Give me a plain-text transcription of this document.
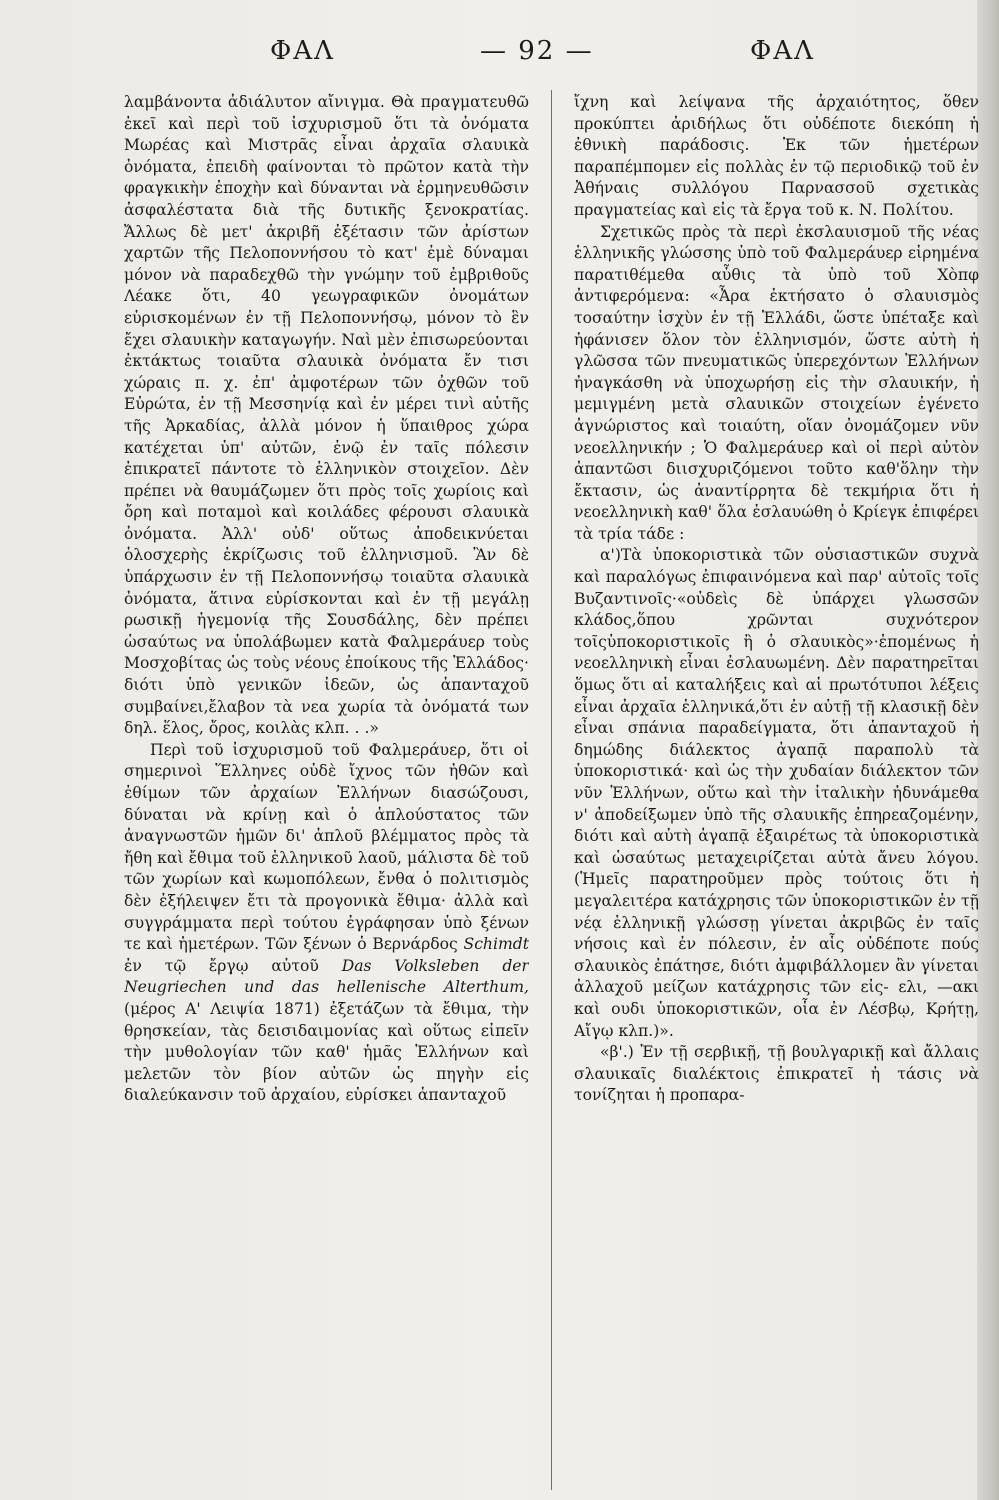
ΦΑΛ	— 92 —	ΦΑΛ

λαμβάνοντα ἀδιάλυτον αἴνιγμα. Θὰ πραγματευθῶ ἐκεῖ καὶ περὶ τοῦ ἰσχυρισμοῦ ὅτι τὰ ὀνόματα Μωρέας καὶ Μιστρᾶς εἶναι ἀρχαῖα σλαυικὰ ὀνόματα, ἐπειδὴ φαίνονται τὸ πρῶτον κατὰ τὴν φραγκικὴν ἐποχὴν καὶ δύνανται νὰ ἑρμηνευθῶσιν ἀσφαλέστατα διὰ τῆς δυτικῆς ξενοκρατίας. Ἄλλως δὲ μετ' ἀκριβῆ ἐξέτασιν τῶν ἀρίστων χαρτῶν τῆς Πελοποννήσου τὸ κατ' ἐμὲ δύναμαι μόνον νὰ παραδεχθῶ τὴν γνώμην τοῦ ἐμβριθοῦς Λέακε ὅτι, 40 γεωγραφικῶν ὀνομάτων εὑρισκομένων ἐν τῇ Πελοποννήσῳ, μόνον τὸ ἓν ἔχει σλαυικὴν καταγωγήν. Ναὶ μὲν ἐπισωρεύονται ἐκτάκτως τοιαῦτα σλαυικὰ ὀνόματα ἔν τισι χώραις π. χ. ἐπ' ἀμφοτέρων τῶν ὀχθῶν τοῦ Εὐρώτα, ἐν τῇ Μεσσηνίᾳ καὶ ἐν μέρει τινὶ αὐτῆς τῆς Ἀρκαδίας, ἀλλὰ μόνον ἡ ὕπαιθρος χώρα κατέχεται ὑπ' αὐτῶν, ἐνῷ ἐν ταῖς πόλεσιν ἐπικρατεῖ πάντοτε τὸ ἑλληνικὸν στοιχεῖον. Δὲν πρέπει νὰ θαυμάζωμεν ὅτι πρὸς τοῖς χωρίοις καὶ ὄρη καὶ ποταμοὶ καὶ κοιλάδες φέρουσι σλαυικὰ ὀνόματα. Ἀλλ' οὐδ' οὕτως ἀποδεικνύεται ὁλοσχερὴς ἐκρίζωσις τοῦ ἑλληνισμοῦ. Ἂν δὲ ὑπάρχωσιν ἐν τῇ Πελοποννήσῳ τοιαῦτα σλαυικὰ ὀνόματα, ἅτινα εὑρίσκονται καὶ ἐν τῇ μεγάλῃ ρωσικῇ ἡγεμονίᾳ τῆς Σουσδάλης, δὲν πρέπει ὡσαύτως να ὑπολάβωμεν κατὰ Φαλμεράυερ τοὺς Μοσχοβίτας ὡς τοὺς νέους ἐποίκους τῆς Ἑλλάδος· διότι ὑπὸ γενικῶν ἰδεῶν, ὡς ἁπανταχοῦ συμβαίνει,ἔλαβον τὰ νεα χωρία τὰ ὀνόματά των δηλ. ἕλος, ὄρος, κοιλὰς κλπ. . .»

Περὶ τοῦ ἰσχυρισμοῦ τοῦ Φαλμεράυερ, ὅτι οἱ σημερινοὶ Ἕλληνες οὐδὲ ἴχνος τῶν ἠθῶν καὶ ἐθίμων τῶν ἀρχαίων Ἑλλήνων διασώζουσι, δύναται νὰ κρίνῃ καὶ ὁ ἁπλούστατος τῶν ἀναγνωστῶν ἡμῶν δι' ἁπλοῦ βλέμματος πρὸς τὰ ἤθη καὶ ἔθιμα τοῦ ἑλληνικοῦ λαοῦ, μάλιστα δὲ τοῦ τῶν χωρίων καὶ κωμοπόλεων, ἔνθα ὁ πολιτισμὸς δὲν ἐξήλειψεν ἔτι τὰ προγονικὰ ἔθιμα· ἀλλὰ καὶ συγγράμματα περὶ τούτου ἐγράφησαν ὑπὸ ξένων τε καὶ ἡμετέρων. Τῶν ξένων ὁ Βερνάρδος Schimdt ἐν τῷ ἔργῳ αὐτοῦ Das Volksleben der Neugriechen und das hellenische Alterthum, (μέρος Α' Λειψία 1871) ἐξετάζων τὰ ἔθιμα, τὴν θρησκείαν, τὰς δεισιδαιμονίας καὶ οὕτως εἰπεῖν τὴν μυθολογίαν τῶν καθ' ἡμᾶς Ἑλλήνων καὶ μελετῶν τὸν βίον αὐτῶν ὡς πηγὴν εἰς διαλεύκανσιν τοῦ ἀρχαίου, εὑρίσκει ἁπανταχοῦ

ἴχνη καὶ λείψανα τῆς ἀρχαιότητος, ὅθεν προκύπτει ἀριδήλως ὅτι οὐδέποτε διεκόπη ἡ ἐθνικὴ παράδοσις. Ἐκ τῶν ἡμετέρων παραπέμπομεν εἰς πολλὰς ἐν τῷ περιοδικῷ τοῦ ἐν Ἀθήναις συλλόγου Παρνασσοῦ σχετικὰς πραγματείας καὶ εἰς τὰ ἔργα τοῦ κ. Ν. Πολίτου.

Σχετικῶς πρὸς τὰ περὶ ἐκσλαυισμοῦ τῆς νέας ἑλληνικῆς γλώσσης ὑπὸ τοῦ Φαλμεράυερ εἰρημένα παρατιθέμεθα αὖθις τὰ ὑπὸ τοῦ Χὸπφ ἀντιφερόμενα: «Ἆρα ἐκτήσατο ὁ σλαυισμὸς τοσαύτην ἰσχὺν ἐν τῇ Ἑλλάδι, ὥστε ὑπέταξε καὶ ἠφάνισεν ὅλον τὸν ἑλληνισμόν, ὥστε αὐτὴ ἡ γλῶσσα τῶν πνευματικῶς ὑπερεχόντων Ἑλλήνων ἠναγκάσθη νὰ ὑποχωρήσῃ εἰς τὴν σλαυικήν, ἡ μεμιγμένη μετὰ σλαυικῶν στοιχείων ἐγένετο ἀγνώριστος καὶ τοιαύτη, οἵαν ὀνομάζομεν νῦν νεοελληνικήν ; Ὁ Φαλμεράυερ καὶ οἱ περὶ αὐτὸν ἀπαντῶσι διισχυριζόμενοι τοῦτο καθ'ὅλην τὴν ἔκτασιν, ὡς ἀναντίρρητα δὲ τεκμήρια ὅτι ἡ νεοελληνικὴ καθ' ὅλα ἐσλαυώθη ὁ Κρίεγκ ἐπιφέρει τὰ τρία τάδε :

α')Τὰ ὑποκοριστικὰ τῶν οὐσιαστικῶν συχνὰ καὶ παραλόγως ἐπιφαινόμενα καὶ παρ' αὐτοῖς τοῖς Βυζαντινοῖς·«οὐδεὶς δὲ ὑπάρχει γλωσσῶν κλάδος,ὅπου χρῶνται συχνότερον τοῖςὑποκοριστικοῖς ἢ ὁ σλαυικὸς»·ἐπομένως ἡ νεοελληνικὴ εἶναι ἐσλαυωμένη. Δὲν παρατηρεῖται ὅμως ὅτι αἱ καταλήξεις καὶ αἱ πρωτότυποι λέξεις εἶναι ἀρχαῖα ἑλληνικά,ὅτι ἐν αὐτῇ τῇ κλασικῇ δὲν εἶναι σπάνια παραδείγματα, ὅτι ἁπανταχοῦ ἡ δημώδης διάλεκτος ἀγαπᾷ παραπολὺ τὰ ὑποκοριστικά· καὶ ὡς τὴν χυδαίαν διάλεκτον τῶν νῦν Ἑλλήνων, οὕτω καὶ τὴν ἰταλικὴν ἠδυνάμεθα ν' ἀποδείξωμεν ὑπὸ τῆς σλαυικῆς ἐπηρεαζομένην, διότι καὶ αὐτὴ ἀγαπᾷ ἐξαιρέτως τὰ ὑποκοριστικὰ καὶ ὡσαύτως μεταχειρίζεται αὐτὰ ἄνευ λόγου. (Ἡμεῖς παρατηροῦμεν πρὸς τούτοις ὅτι ἡ μεγαλειτέρα κατάχρησις τῶν ὑποκοριστικῶν ἐν τῇ νέᾳ ἑλληνικῇ γλώσσῃ γίνεται ἀκριβῶς ἐν ταῖς νήσοις καὶ ἐν πόλεσιν, ἐν αἷς οὐδέποτε πούς σλαυικὸς ἐπάτησε, διότι ἀμφιβάλλομεν ἂν γίνεται ἀλλαχοῦ μείζων κατάχρησις τῶν εἰς- ελι, —ακι καὶ ουδι ὑποκοριστικῶν, οἷα ἐν Λέσβῳ, Κρήτῃ, Αἴγῳ κλπ.)».

«β'.) Ἐν τῇ σερβικῇ, τῇ βουλγαρικῇ καὶ ἄλλαις σλαυικαῖς διαλέκτοις ἐπικρατεῖ ἡ τάσις νὰ τονίζηται ἡ προπαρα-
